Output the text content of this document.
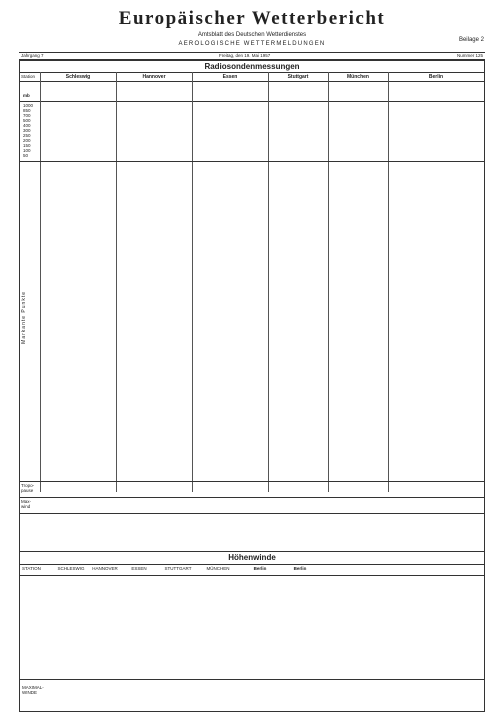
Europäischer Wetterbericht
Amtsblatt des Deutschen Wetterdienstes
Beilage 2
AEROLOGISCHE WETTERMELDUNGEN
Jahrgang 7	Freitag, den 19. Mai 1957	Nummer 125
Radiosondenmessungen
Station	Schleswig	Hannover	Essen	Stuttgart	München	Berlin
mb
1000
850
700
500
400
300
250
200
150
100
50
Markante Punkte
Tropo-pause
Max-wind
Höhenwinde
STATION	SCHLESWIG	HANNOVER	ESSEN	STUTTGART	MÜNCHEN	Berlin	Berlin
MAXIMAL-WINDE
